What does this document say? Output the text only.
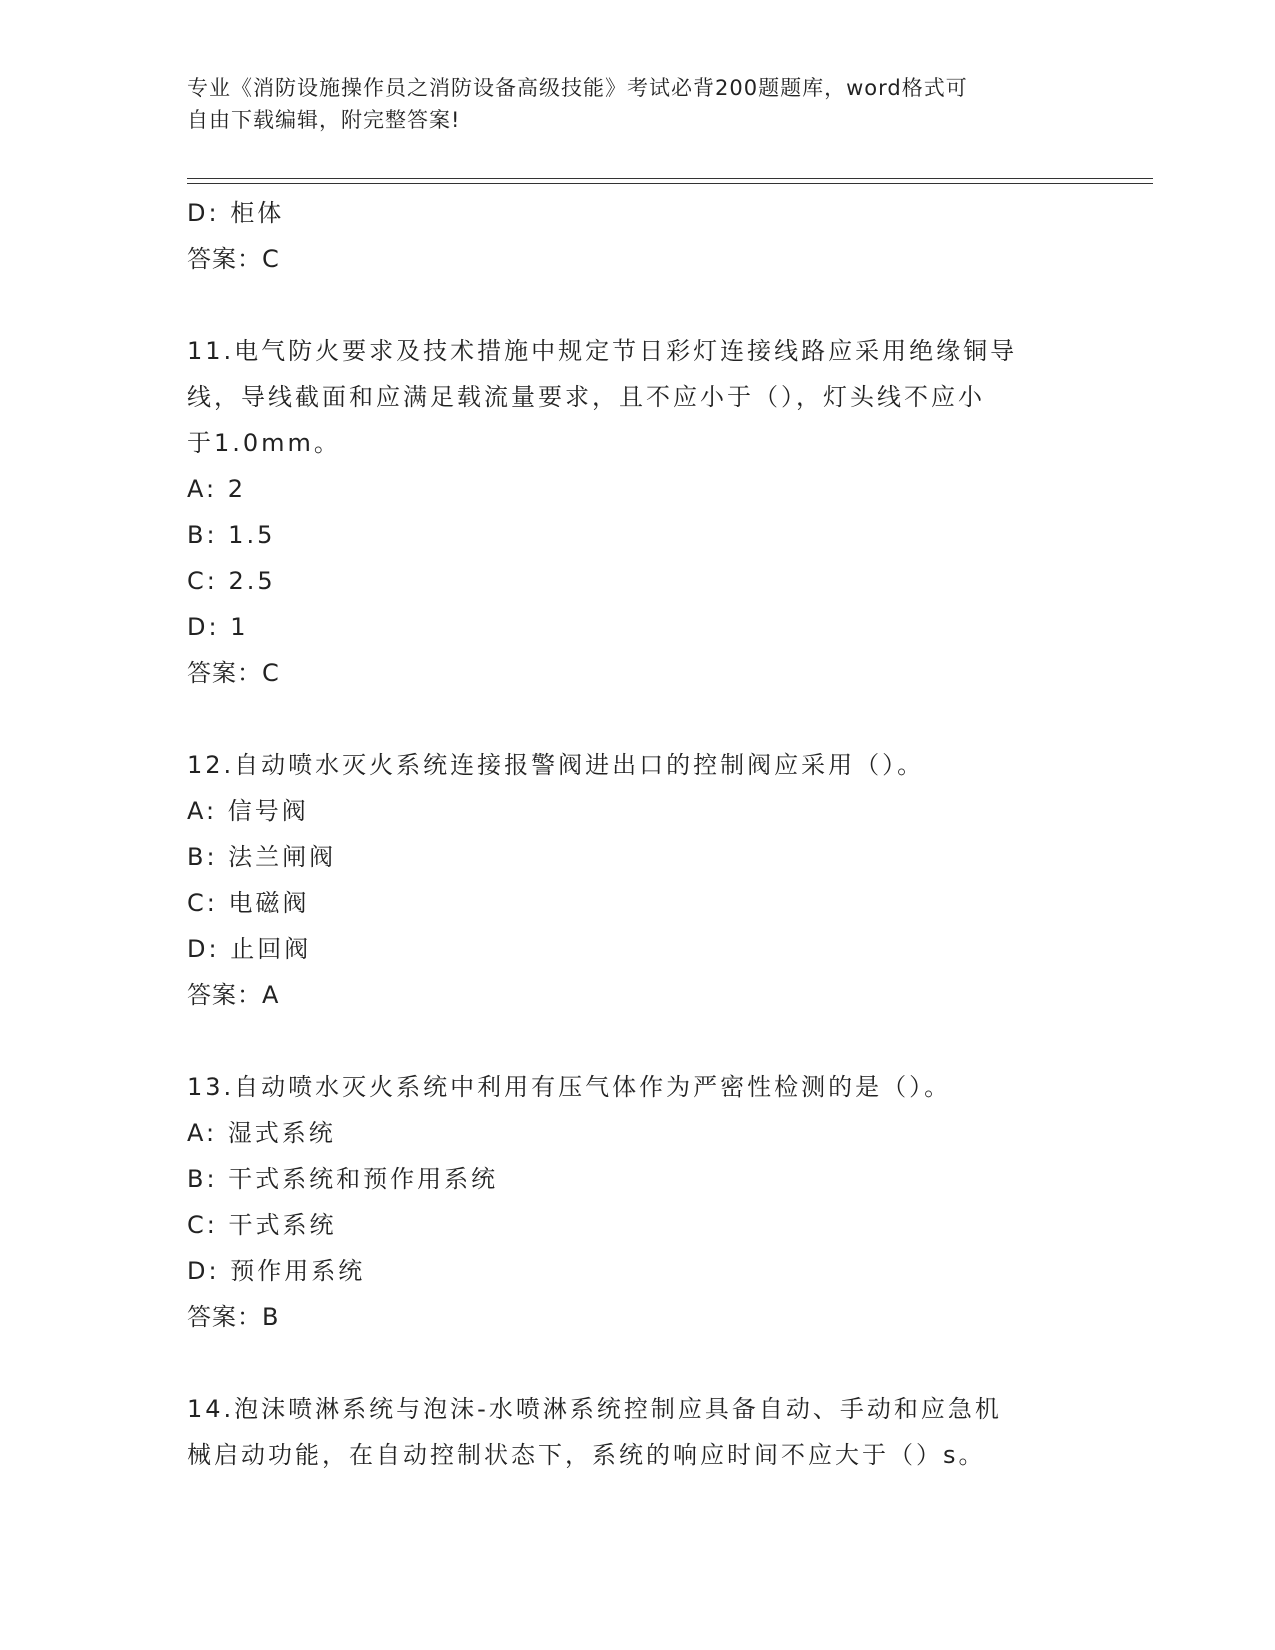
专业《消防设施操作员之消防设备高级技能》考试必背200题题库，word格式可
自由下载编辑，附完整答案!
D: 柜体
答案：C
11.电气防火要求及技术措施中规定节日彩灯连接线路应采用绝缘铜导
线，导线截面和应满足载流量要求，且不应小于（），灯头线不应小
于1.0mm。
A: 2
B: 1.5
C: 2.5
D: 1
答案：C
12.自动喷水灭火系统连接报警阀进出口的控制阀应采用（）。
A: 信号阀
B: 法兰闸阀
C: 电磁阀
D: 止回阀
答案：A
13.自动喷水灭火系统中利用有压气体作为严密性检测的是（）。
A: 湿式系统
B: 干式系统和预作用系统
C: 干式系统
D: 预作用系统
答案：B
14.泡沫喷淋系统与泡沫-水喷淋系统控制应具备自动、手动和应急机
械启动功能，在自动控制状态下，系统的响应时间不应大于（）s。
